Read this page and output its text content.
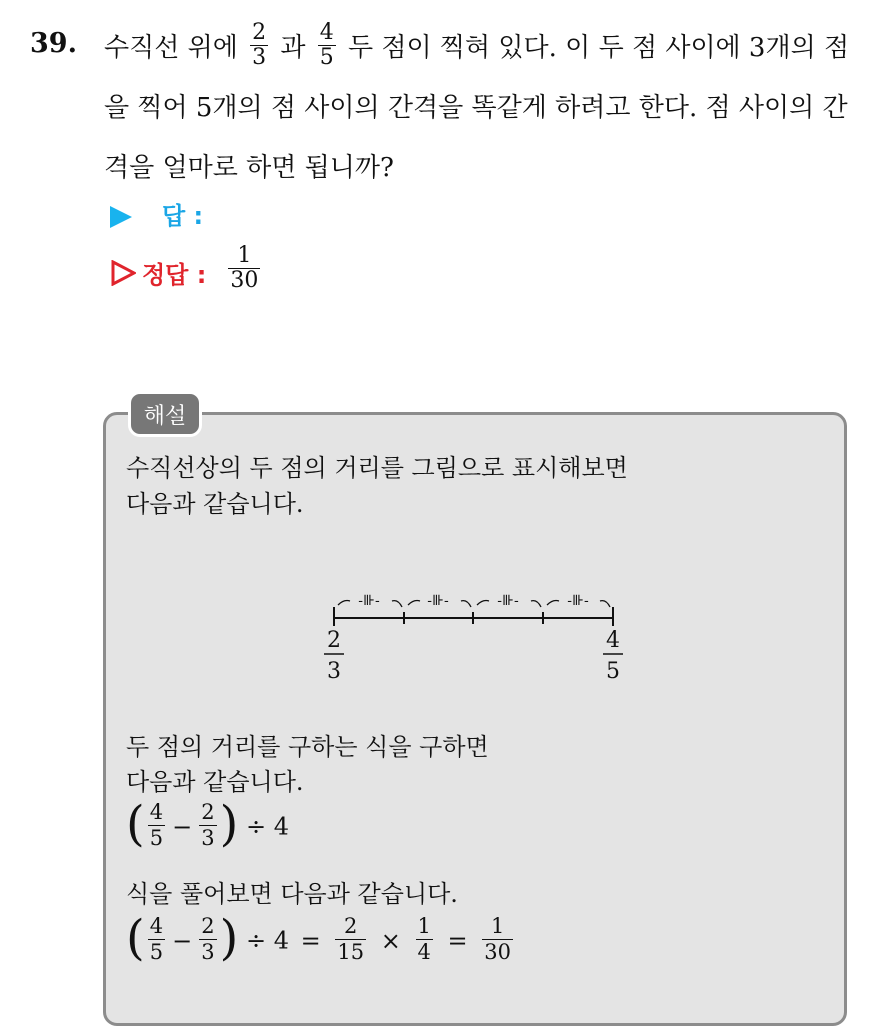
39. 수직선 위에 $\frac{2}{3}$ 과 $\frac{4}{5}$ 두 점이 찍혀 있다. 이 두 점 사이에 3개의 점을 찍어 5개의 점 사이의 간격을 똑같게 하려고 한다. 점 사이의 간격을 얼마로 하면 됩니까?
답 :
정답 : $\frac{1}{30}$
해설
수직선상의 두 점의 거리를 그림으로 표시해보면
다음과 같습니다.
-⊪-	-⊪-	-⊪-	-⊪-
2
3
4
5
두 점의 거리를 구하는 식을 구하면
다음과 같습니다.
( $\frac{4}{5} - \frac{2}{3}$ ) ÷ 4
식을 풀어보면 다음과 같습니다.
( $\frac{4}{5} - \frac{2}{3}$ ) ÷ $4 = \frac{2}{15} \times \frac{1}{4} = \frac{1}{30}$
